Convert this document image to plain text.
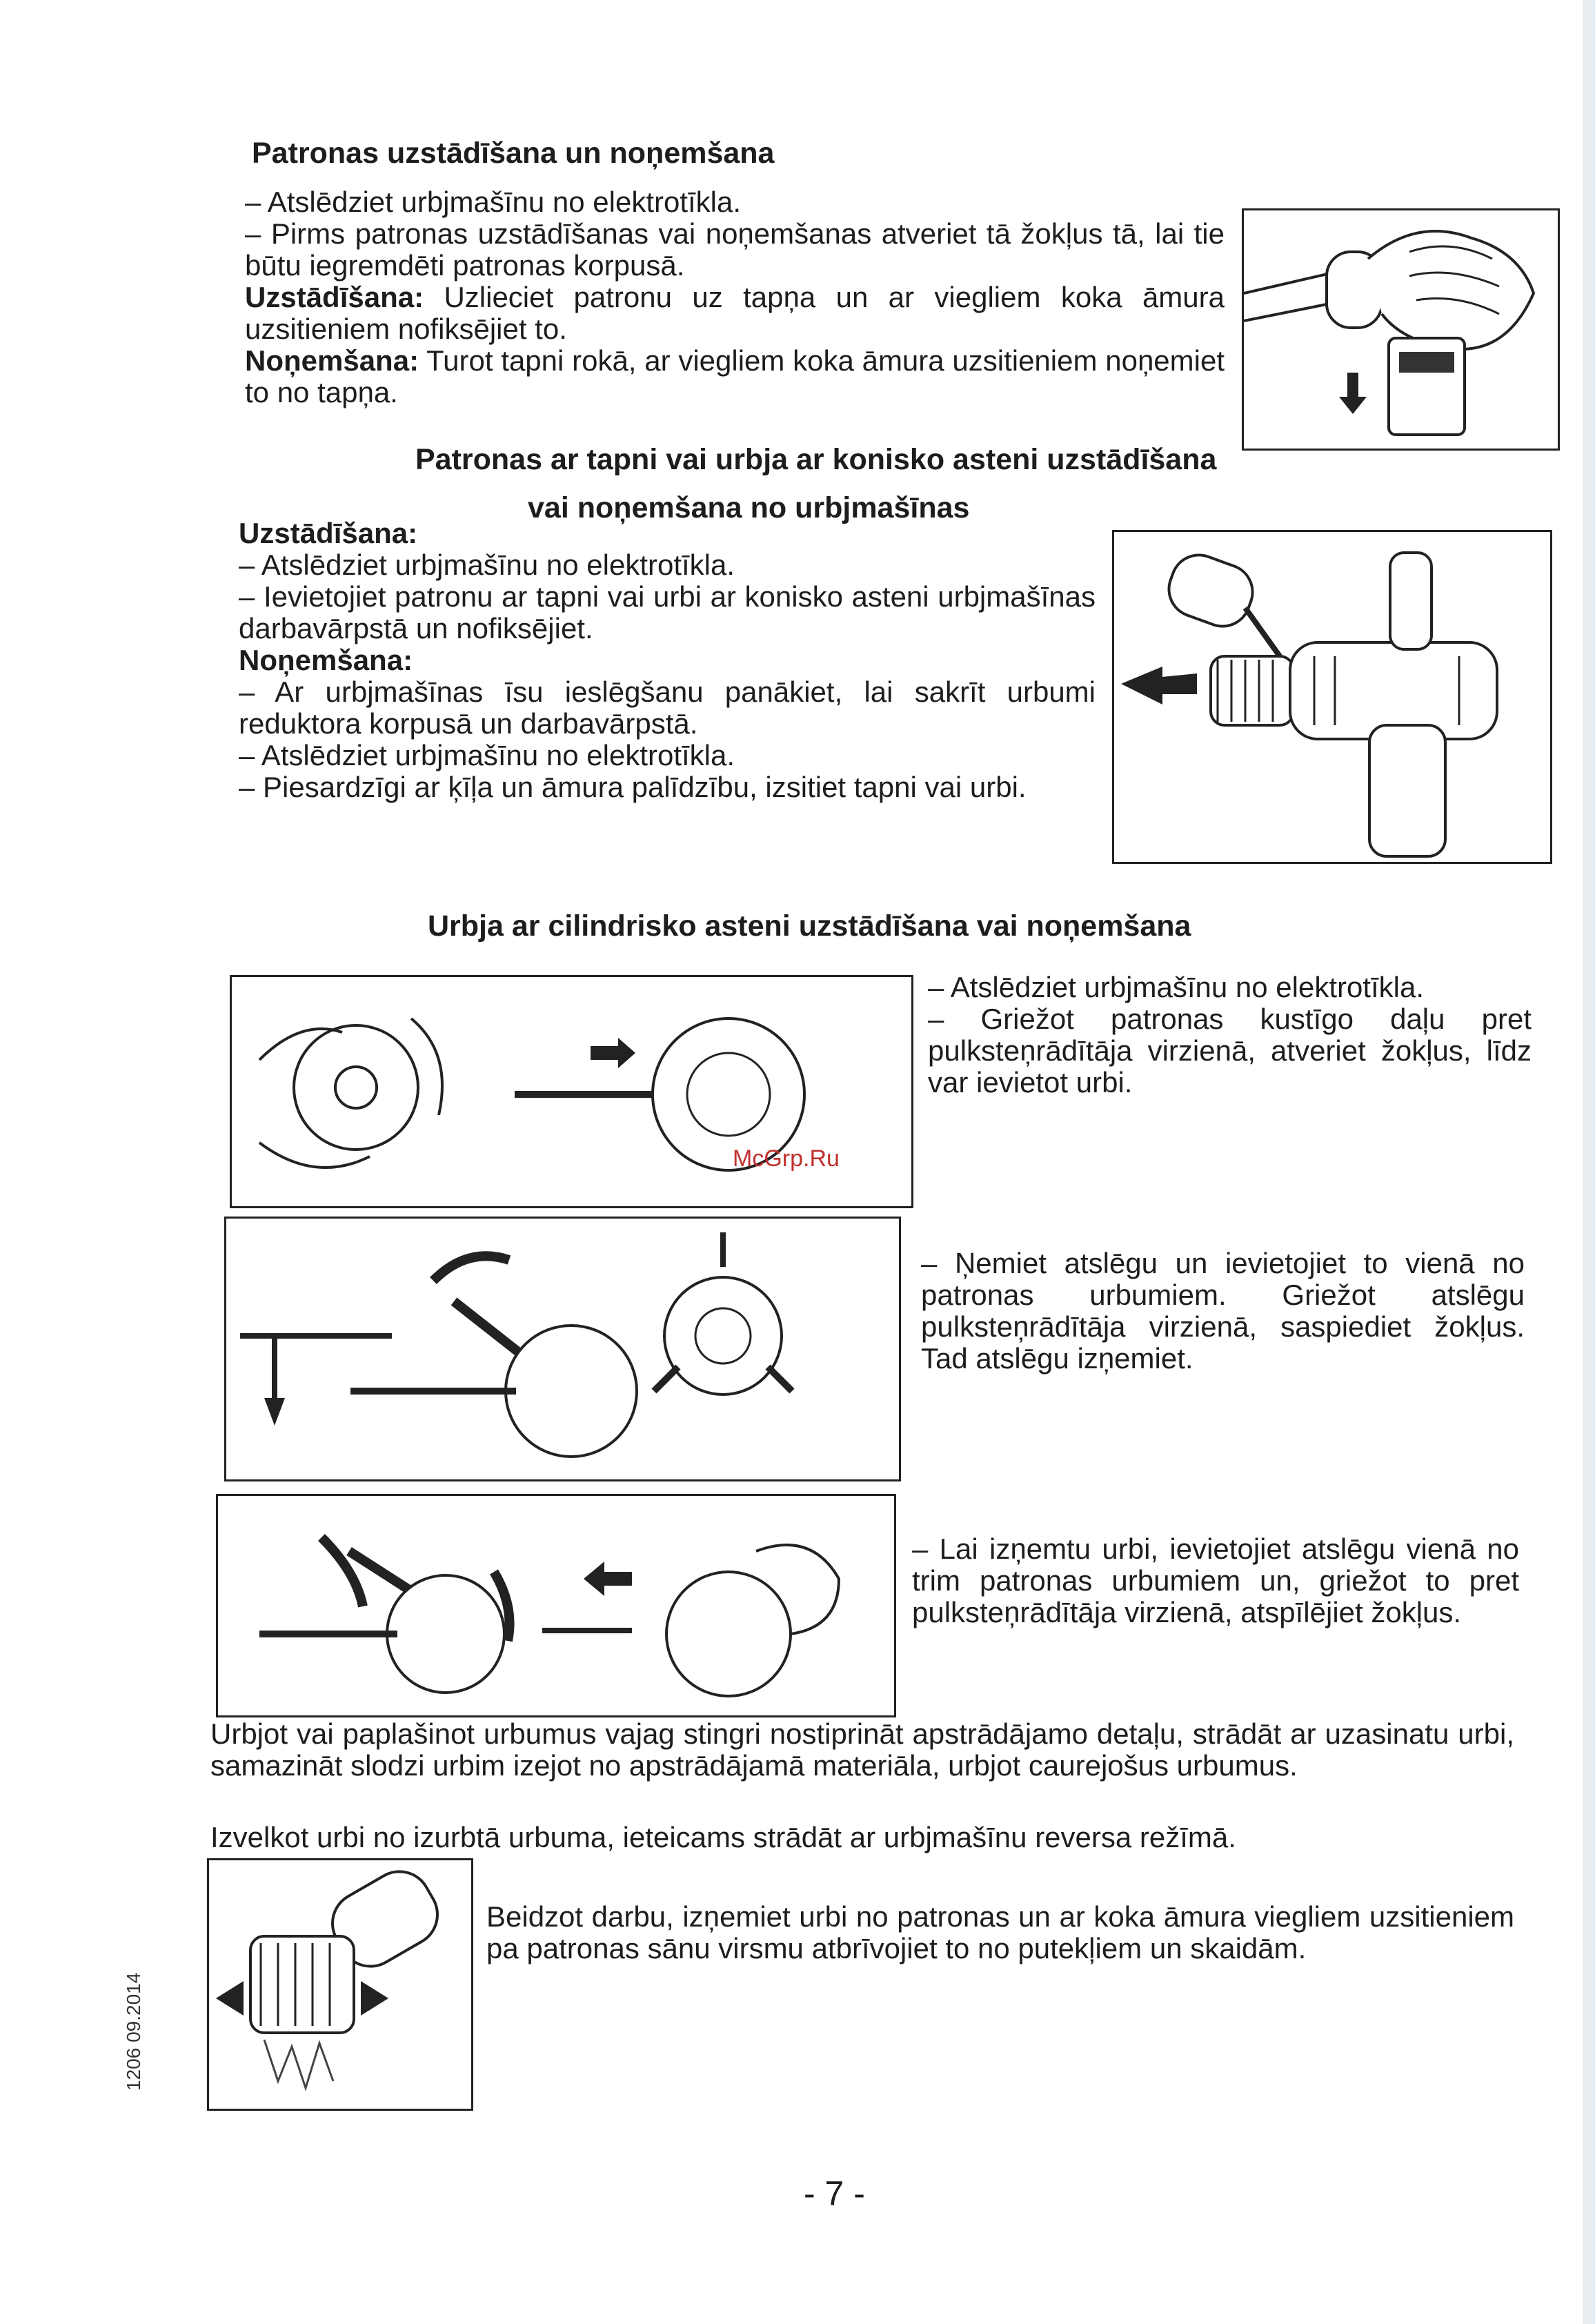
Patronas uzstādīšana un noņemšana
– Atslēdziet urbjmašīnu no elektrotīkla.
– Pirms patronas uzstādīšanas vai noņemšanas atveriet tā žokļus tā, lai tie būtu iegremdēti patronas korpusā.
Uzstādīšana: Uzlieciet patronu uz tapņa un ar viegliem koka āmura uzsitieniem nofiksējiet to.
Noņemšana: Turot tapni rokā, ar viegliem koka āmura uzsitieniem noņemiet to no tapņa.
Patronas ar tapni vai urbja ar konisko asteni uzstādīšana
vai noņemšana no urbjmašīnas
Uzstādīšana:
– Atslēdziet urbjmašīnu no elektrotīkla.
– Ievietojiet patronu ar tapni vai urbi ar konisko asteni urbjmašīnas darbavārpstā un nofiksējiet.
Noņemšana:
– Ar urbjmašīnas īsu ieslēgšanu panākiet, lai sakrīt urbumi reduktora korpusā un darbavārpstā.
– Atslēdziet urbjmašīnu no elektrotīkla.
– Piesardzīgi ar ķīļa un āmura palīdzību, izsitiet tapni vai urbi.
Urbja ar cilindrisko asteni uzstādīšana vai noņemšana
– Atslēdziet urbjmašīnu no elektrotīkla.
– Griežot patronas kustīgo daļu pret pulksteņrādītāja virzienā, atveriet žokļus, līdz var ievietot urbi.
McGrp.Ru
– Ņemiet atslēgu un ievietojiet to vienā no patronas urbumiem. Griežot atslēgu pulksteņrādītāja virzienā, saspiediet žokļus. Tad atslēgu izņemiet.
– Lai izņemtu urbi, ievietojiet atslēgu vienā no trim patronas urbumiem un, griežot to pret pulksteņrādītāja virzienā, atspīlējiet žokļus.
Urbjot vai paplašinot urbumus vajag stingri nostiprināt apstrādājamo detaļu, strādāt ar uzasinatu urbi, samazināt slodzi urbim izejot no apstrādājamā materiāla, urbjot caurejošus urbumus.
Izvelkot urbi no izurbtā urbuma, ieteicams strādāt ar urbjmašīnu reversa režīmā.
Beidzot darbu, izņemiet urbi no patronas un ar koka āmura viegliem uzsitieniem pa patronas sānu virsmu atbrīvojiet to no putekļiem un skaidām.
1206 09.2014
- 7 -
